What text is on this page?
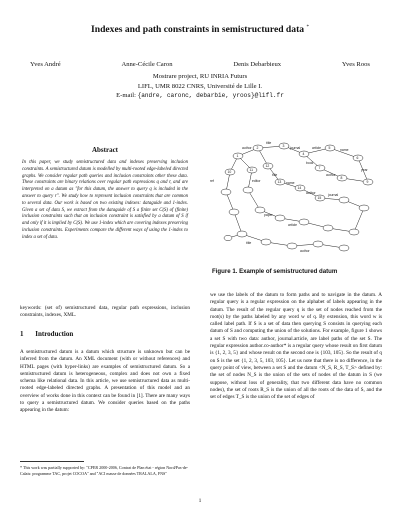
Indexes and path constraints in semistructured data *
Yves André	Anne-Cécile Caron	Denis Debarbieux	Yves Roos
Mostrare project, RU INRIA Futurs
LIFL, UMR 8022 CNRS, Université de Lille I.
E-mail: {andre, caronc, debarbie, yroos}@lifl.fr
Abstract
In this paper, we study semistructured data and indexes preserving inclusion constraints. A semistructured datum is modelled by multi-rooted edge-labeled directed graphs. We consider regular path queries and inclusion constraints other these data. These constraints are binary relations over regular path expressions q and r, and are interpreted on a datum as "for this datum, the answer to query q is included in the answer to query r". We study how to represent inclusion constraints that are common to several data. Our work is based on two existing indexes: dataguide and 1-index. Given a set of data S, we extract from the dataguide of S a finite set C(S) of (finite) inclusion constraints such that an inclusion constraint is satisfied by a datum of S if and only if it is implied by C(S). We use 1-index which are covering indexes preserving inclusion constraints. Experiments compare the different ways of using the 1-index to index a set of data.
keywords: (set of) semistructured data, regular path expressions, inclusion constraints, indexes, XML.
1 Introduction
A semistructured datum is a datum which structure is unknown but can be inferred from the datum. An XML document (with or without references) and HTML pages (with hyper-links) are examples of semistructured datum. So a semistructured datum is heterogeneous, complex and does not own a fixed schema like relational data. In this article, we use semistructured data as multi-rooted edge-labeled directed graphs. A presentation of this model and an overview of works done in this context can be found in [1]. There are many ways to query a semistructured datum. We consider queries based on the paths appearing in the datum:
* This work was partially supported by: "CPER 2000-2006, Contrat de Plan état - région Nord/Pas-de-Calais: programme TAC, projet COCOA" and "ACI masse de données TRALALA, FNS"
author
title
journal	article	name
year
book
author
ref	editor
title
name
author	journal
paper
article
title
author
1
2	3
4
5
6
7
8
9
10	11
12
13
14
15
Figure 1. Example of semistructured datum
we use the labels of the datum to form paths and to navigate in the datum. A regular query is a regular expression on the alphabet of labels appearing in the datum. The result of the regular query q is the set of nodes reached from the root(s) by the paths labeled by any word w of q. By extension, this word w is called label path. If S is a set of data then querying S consists in querying each datum of S and computing the union of the solutions. For example, figure 1 shows a set S with two data: author, journal.article, are label paths of the set S. The regular expression author.co-author* is a regular query whose result on first datum is {1, 2, 3, 5} and whose result on the second one is {103, 105}. So the result of q on S is the set {1, 2, 3, 5, 103, 105}. Let us note that there is no difference, in the query point of view, between a set S and the datum <N_S, R_S, T_S> defined by: the set of nodes N_S is the union of the sets of nodes of the datum in S (we suppose, without loss of generality, that two different data have no common nodes), the set of roots R_S is the union of all the roots of the data of S, and the set of edges T_S is the union of the set of edges of
1
